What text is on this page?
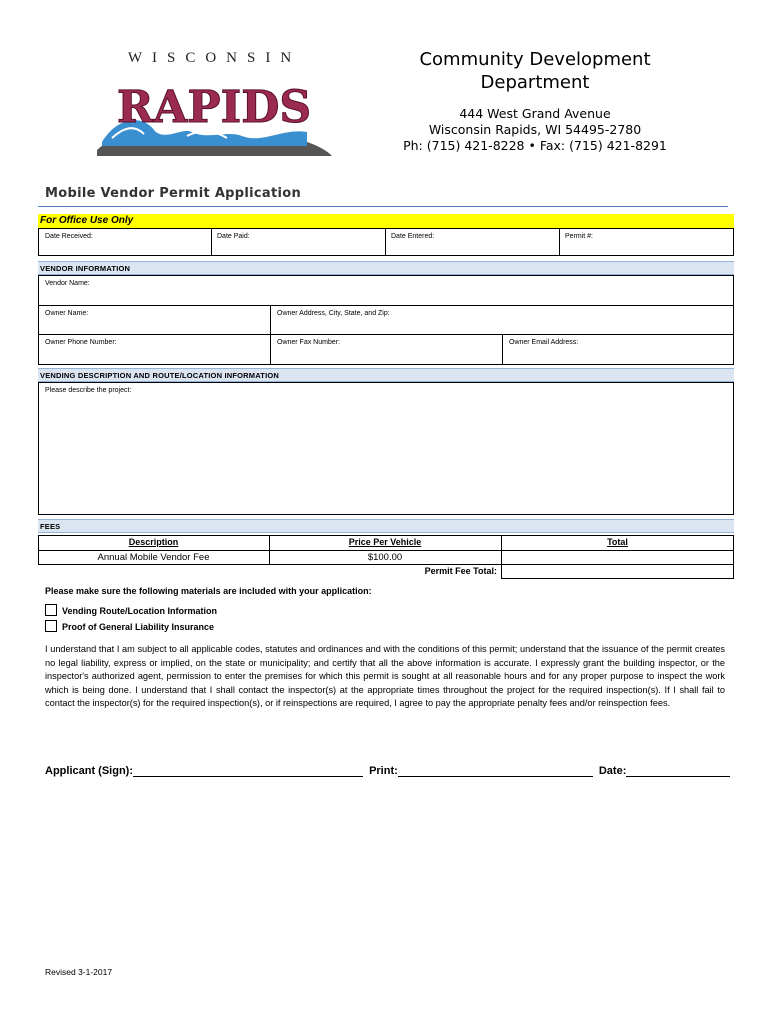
WISCONSIN
RAPIDS
Community Development
Department
444 West Grand Avenue
Wisconsin Rapids, WI 54495-2780
Ph: (715) 421-8228 • Fax: (715) 421-8291
Mobile Vendor Permit Application
For Office Use Only
Date Received:	Date Paid:	Date Entered:	Permit #:
VENDOR INFORMATION
Vendor Name:
Owner Name:	Owner Address, City, State, and Zip:
Owner Phone Number:	Owner Fax Number:	Owner Email Address:
VENDING DESCRIPTION AND ROUTE/LOCATION INFORMATION
Please describe the project:
FEES
Description	Price Per Vehicle	Total
Annual Mobile Vendor Fee	$100.00
Permit Fee Total:
Please make sure the following materials are included with your application:
Vending Route/Location Information
Proof of General Liability Insurance
I understand that I am subject to all applicable codes, statutes and ordinances and with the conditions of this permit; understand that the issuance of the permit creates no legal liability, express or implied, on the state or municipality; and certify that all the above information is accurate. I expressly grant the building inspector, or the inspector's authorized agent, permission to enter the premises for which this permit is sought at all reasonable hours and for any proper purpose to inspect the work which is being done. I understand that I shall contact the inspector(s) at the appropriate times throughout the project for the required inspection(s). If I shall fail to contact the inspector(s) for the required inspection(s), or if reinspections are required, I agree to pay the appropriate penalty fees and/or reinspection fees.
Applicant (Sign):	Print:	Date:
Revised 3-1-2017
